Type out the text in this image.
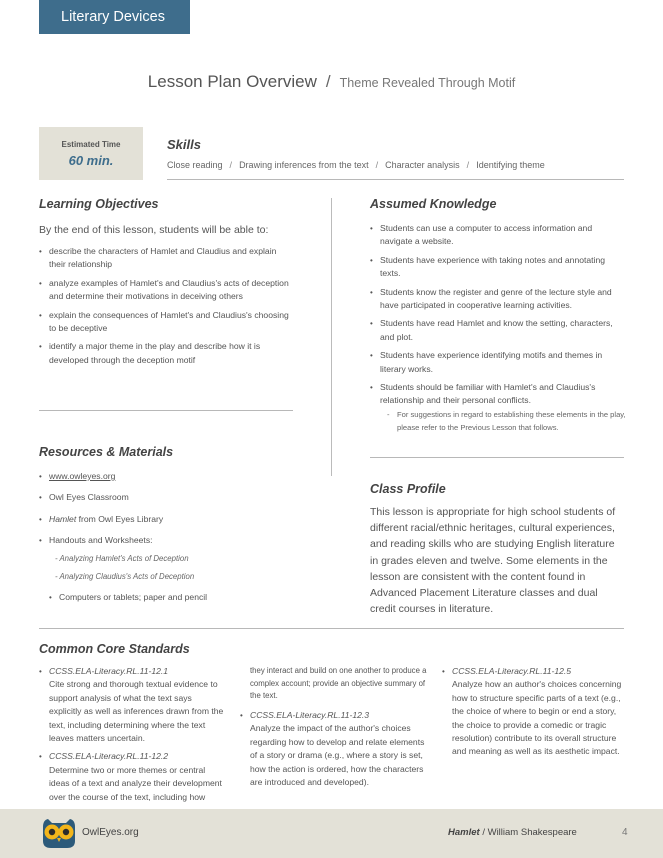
Literary Devices
Lesson Plan Overview / Theme Revealed Through Motif
Estimated Time
60 min.
Skills
Close reading / Drawing inferences from the text / Character analysis / Identifying theme
Learning Objectives
By the end of this lesson, students will be able to:
• describe the characters of Hamlet and Claudius and explain their relationship
• analyze examples of Hamlet's and Claudius's acts of deception and determine their motivations in deceiving others
• explain the consequences of Hamlet's and Claudius's choosing to be deceptive
• identify a major theme in the play and describe how it is developed through the deception motif
Assumed Knowledge
• Students can use a computer to access information and navigate a website.
• Students have experience with taking notes and annotating texts.
• Students know the register and genre of the lecture style and have participated in cooperative learning activities.
• Students have read Hamlet and know the setting, characters, and plot.
• Students have experience identifying motifs and themes in literary works.
• Students should be familiar with Hamlet's and Claudius's relationship and their personal conflicts.
- For suggestions in regard to establishing these elements in the play, please refer to the Previous Lesson that follows.
Resources & Materials
• www.owleyes.org
• Owl Eyes Classroom
• Hamlet from Owl Eyes Library
• Handouts and Worksheets:
- Analyzing Hamlet's Acts of Deception
- Analyzing Claudius's Acts of Deception
• Computers or tablets; paper and pencil
Class Profile
This lesson is appropriate for high school students of different racial/ethnic heritages, cultural experiences, and reading skills who are studying English literature in grades eleven and twelve. Some elements in the lesson are consistent with the content found in Advanced Placement Literature classes and dual credit courses in literature.
Common Core Standards
• CCSS.ELA-Literacy.RL.11-12.1
Cite strong and thorough textual evidence to support analysis of what the text says explicitly as well as inferences drawn from the text, including determining where the text leaves matters uncertain.
• CCSS.ELA-Literacy.RL.11-12.2
Determine two or more themes or central ideas of a text and analyze their development over the course of the text, including how
they interact and build on one another to produce a complex account; provide an objective summary of the text.
• CCSS.ELA-Literacy.RL.11-12.3
Analyze the impact of the author's choices regarding how to develop and relate elements of a story or drama (e.g., where a story is set, how the action is ordered, how the characters are introduced and developed).
• CCSS.ELA-Literacy.RL.11-12.5
Analyze how an author's choices concerning how to structure specific parts of a text (e.g., the choice of where to begin or end a story, the choice to provide a comedic or tragic resolution) contribute to its overall structure and meaning as well as its aesthetic impact.
OwlEyes.org	Hamlet / William Shakespeare	4
